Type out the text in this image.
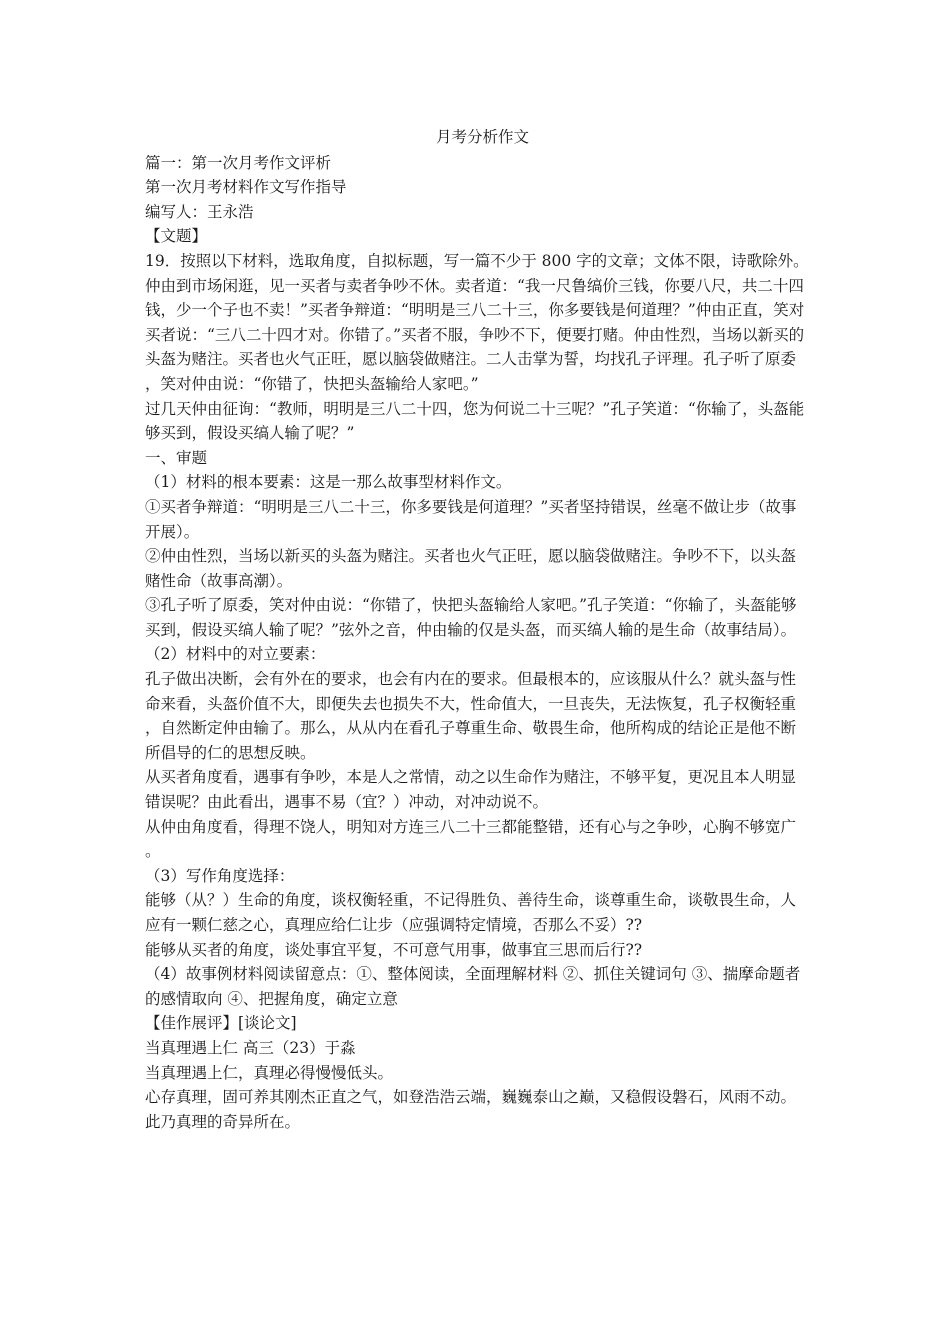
月考分析作文

篇一：第一次月考作文评析

第一次月考材料作文写作指导

编写人：王永浩

【文题】

19．按照以下材料，选取角度，自拟标题，写一篇不少于 800 字的文章；文体不限，诗歌除外。

仲由到市场闲逛，见一买者与卖者争吵不休。卖者道：“我一尺鲁缟价三钱，你要八尺，共二十四钱，少一个子也不卖！”买者争辩道：“明明是三八二十三，你多要钱是何道理？”仲由正直，笑对买者说：“三八二十四才对。你错了。”买者不服，争吵不下，便要打赌。仲由性烈，当场以新买的头盔为赌注。买者也火气正旺，愿以脑袋做赌注。二人击掌为誓，均找孔子评理。孔子听了原委，笑对仲由说：“你错了，快把头盔输给人家吧。”

过几天仲由征询：“教师，明明是三八二十四，您为何说二十三呢？”孔子笑道：“你输了，头盔能够买到，假设买缟人输了呢？”

一、审题

（1）材料的根本要素：这是一那么故事型材料作文。

①买者争辩道：“明明是三八二十三，你多要钱是何道理？”买者坚持错误，丝毫不做让步（故事开展）。

②仲由性烈，当场以新买的头盔为赌注。买者也火气正旺，愿以脑袋做赌注。争吵不下，以头盔赌性命（故事高潮）。

③孔子听了原委，笑对仲由说：“你错了，快把头盔输给人家吧。”孔子笑道：“你输了，头盔能够买到，假设买缟人输了呢？”弦外之音，仲由输的仅是头盔，而买缟人输的是生命（故事结局）。

（2）材料中的对立要素：

孔子做出决断，会有外在的要求，也会有内在的要求。但最根本的，应该服从什么？就头盔与性命来看，头盔价值不大，即便失去也损失不大，性命值大，一旦丧失，无法恢复，孔子权衡轻重，自然断定仲由输了。那么，从从内在看孔子尊重生命、敬畏生命，他所构成的结论正是他不断所倡导的仁的思想反映。

从买者角度看，遇事有争吵，本是人之常情，动之以生命作为赌注，不够平复，更况且本人明显错误呢？由此看出，遇事不易（宜？）冲动，对冲动说不。

从仲由角度看，得理不饶人，明知对方连三八二十三都能整错，还有心与之争吵，心胸不够宽广。

（3）写作角度选择：

能够（从？）生命的角度，谈权衡轻重，不记得胜负、善待生命，谈尊重生命，谈敬畏生命，人应有一颗仁慈之心，真理应给仁让步（应强调特定情境，否那么不妥）??

能够从买者的角度，谈处事宜平复，不可意气用事，做事宜三思而后行??

（4）故事例材料阅读留意点：①、整体阅读，全面理解材料 ②、抓住关键词句 ③、揣摩命题者的感情取向 ④、把握角度，确定立意

【佳作展评】[谈论文]

当真理遇上仁 高三（23）于淼

当真理遇上仁，真理必得慢慢低头。

心存真理，固可养其刚杰正直之气，如登浩浩云端，巍巍泰山之巅，又稳假设磐石，风雨不动。此乃真理的奇异所在。
